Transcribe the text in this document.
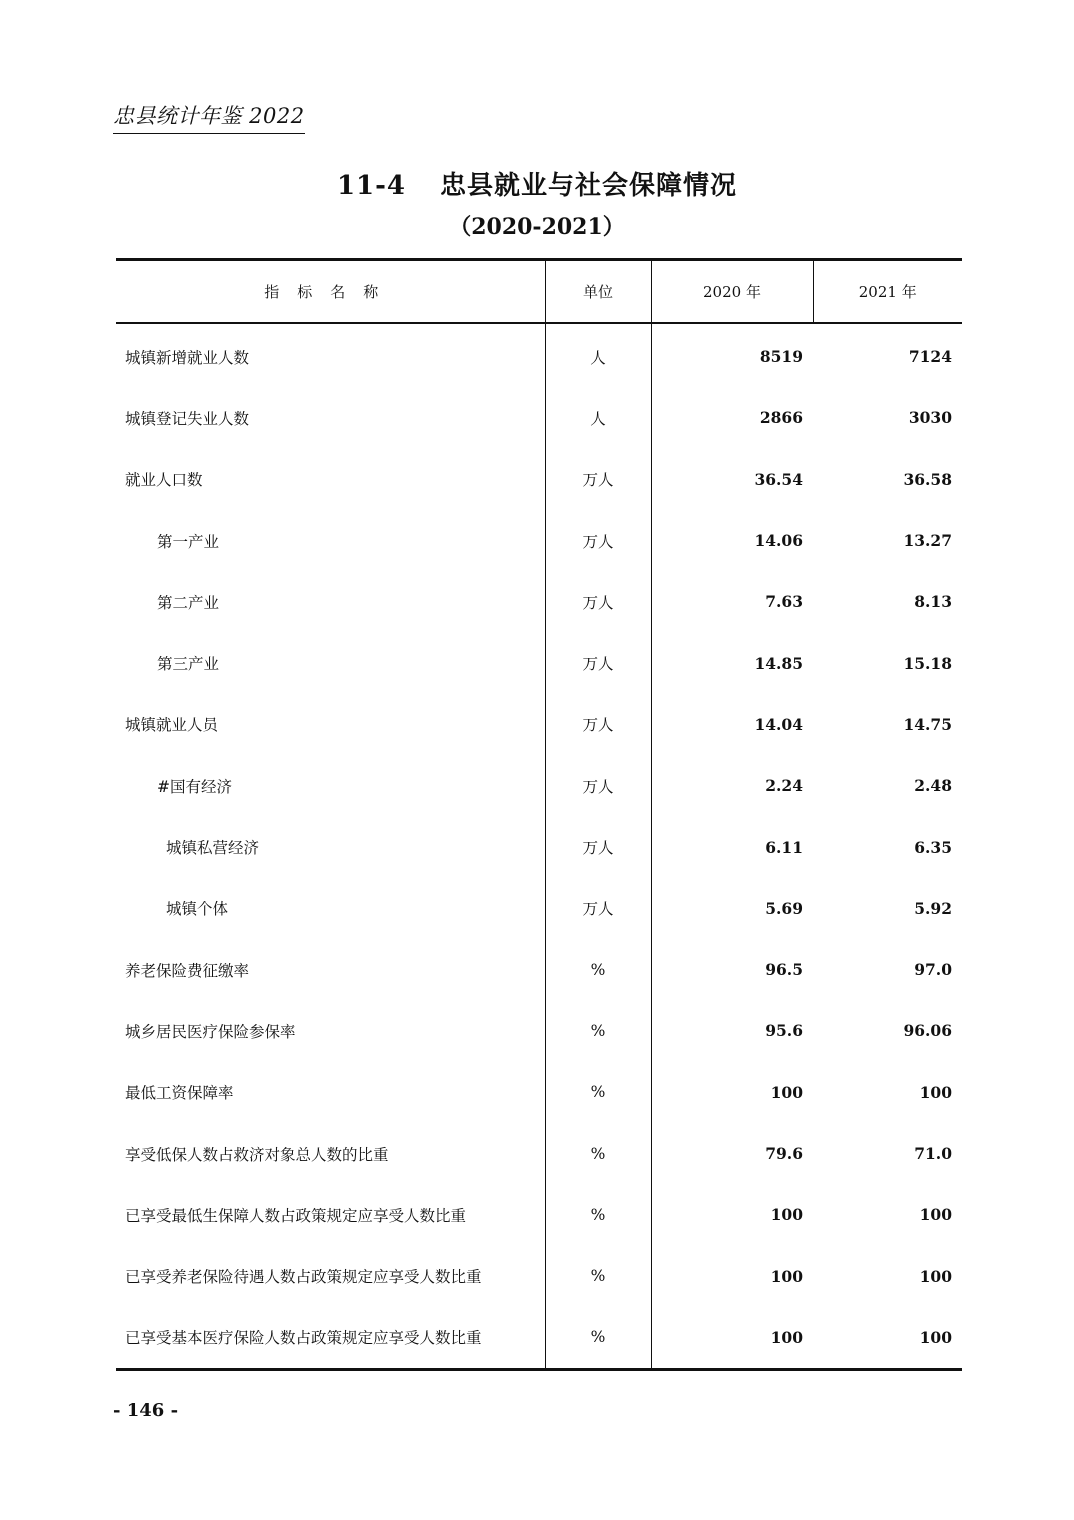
忠县统计年鉴 2022
11-4 忠县就业与社会保障情况
（2020-2021）
指标名称	单位	2020 年	2021 年
城镇新增就业人数	人	8519	7124
城镇登记失业人数	人	2866	3030
就业人口数	万人	36.54	36.58
第一产业	万人	14.06	13.27
第二产业	万人	7.63	8.13
第三产业	万人	14.85	15.18
城镇就业人员	万人	14.04	14.75
#国有经济	万人	2.24	2.48
城镇私营经济	万人	6.11	6.35
城镇个体	万人	5.69	5.92
养老保险费征缴率	%	96.5	97.0
城乡居民医疗保险参保率	%	95.6	96.06
最低工资保障率	%	100	100
享受低保人数占救济对象总人数的比重	%	79.6	71.0
已享受最低生保障人数占政策规定应享受人数比重	%	100	100
已享受养老保险待遇人数占政策规定应享受人数比重	%	100	100
已享受基本医疗保险人数占政策规定应享受人数比重	%	100	100
- 146 -
